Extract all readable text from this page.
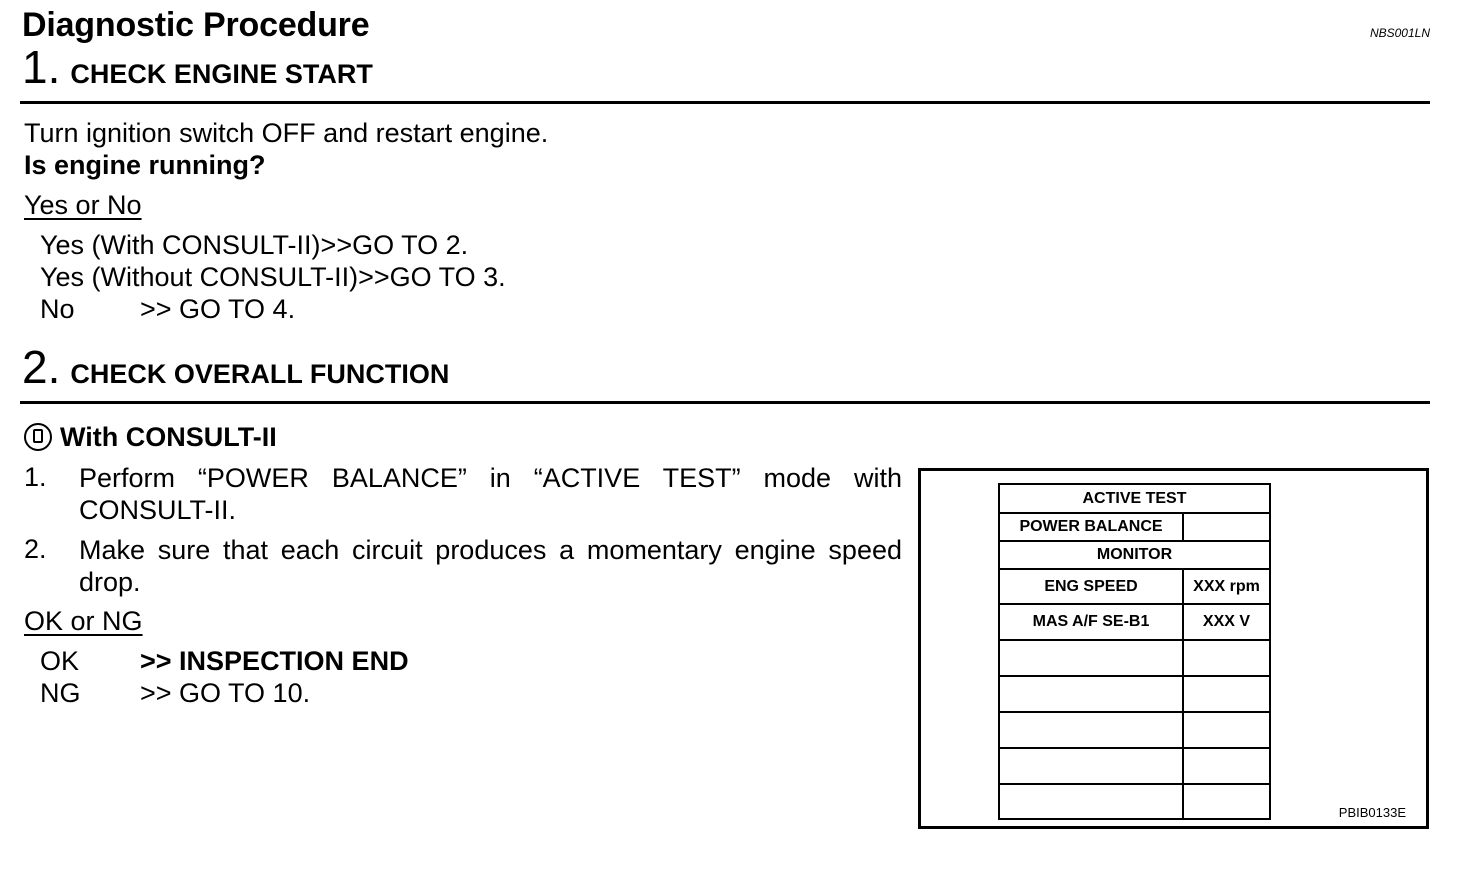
Diagnostic Procedure	NBS001LN
1. CHECK ENGINE START
Turn ignition switch OFF and restart engine.
Is engine running?
Yes or No
Yes (With CONSULT-II)>>GO TO 2.
Yes (Without CONSULT-II)>>GO TO 3.
No >> GO TO 4.
2. CHECK OVERALL FUNCTION
With CONSULT-II
1.	Perform “POWER BALANCE” in “ACTIVE TEST” mode with CONSULT-II.
2.	Make sure that each circuit produces a momentary engine speed drop.
OK or NG
OK >> INSPECTION END
NG >> GO TO 10.
ACTIVE TEST	
POWER BALANCE	
MONITOR	
ENG SPEED	XXX rpm
MAS A/F SE-B1	XXX V

PBIB0133E
